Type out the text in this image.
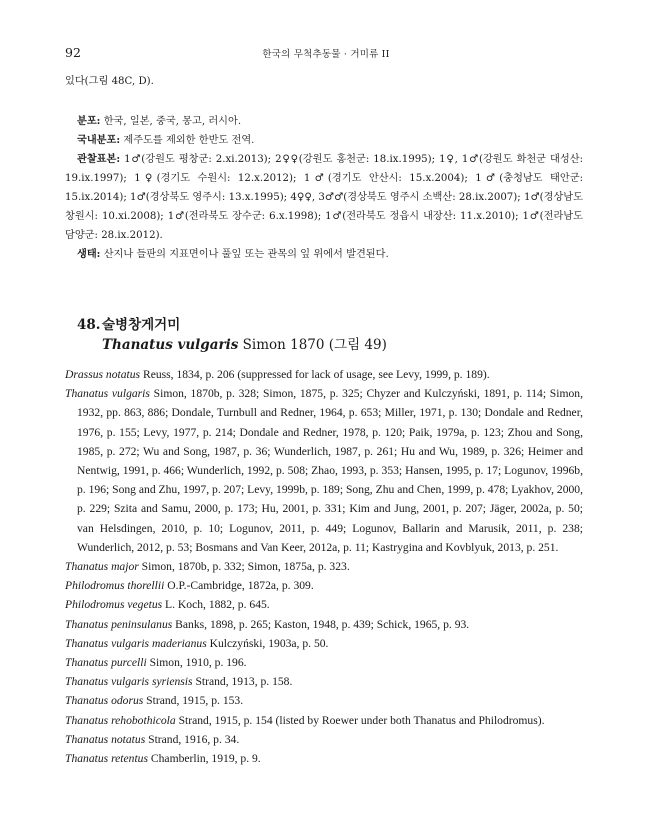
92	한국의 무척추동물 · 거미류 II

있다(그림 48C, D).

분포: 한국, 일본, 중국, 몽고, 러시아.

국내분포: 제주도를 제외한 한반도 전역.

관찰표본: 1♂(강원도 평창군: 2.xi.2013); 2♀♀(강원도 홍천군: 18.ix.1995); 1♀, 1♂(강원도 화천군 대성산: 19.ix.1997); 1♀(경기도 수원시: 12.x.2012); 1♂(경기도 안산시: 15.x.2004); 1♂(충청남도 태안군: 15.ix.2014); 1♂(경상북도 영주시: 13.x.1995); 4♀♀, 3♂♂(경상북도 영주시 소백산: 28.ix.2007); 1♂(경상남도 창원시: 10.xi.2008); 1♂(전라북도 장수군: 6.x.1998); 1♂(전라북도 정읍시 내장산: 11.x.2010); 1♂(전라남도 담양군: 28.ix.2012).

생태: 산지나 들판의 지표면이나 풀잎 또는 관목의 잎 위에서 발견된다.

48. 술병창게거미
Thanatus vulgaris Simon 1870 (그림 49)

Drassus notatus Reuss, 1834, p. 206 (suppressed for lack of usage, see Levy, 1999, p. 189).

Thanatus vulgaris Simon, 1870b, p. 328; Simon, 1875, p. 325; Chyzer and Kulczyński, 1891, p. 114; Simon, 1932, pp. 863, 886; Dondale, Turnbull and Redner, 1964, p. 653; Miller, 1971, p. 130; Dondale and Redner, 1976, p. 155; Levy, 1977, p. 214; Dondale and Redner, 1978, p. 120; Paik, 1979a, p. 123; Zhou and Song, 1985, p. 272; Wu and Song, 1987, p. 36; Wunderlich, 1987, p. 261; Hu and Wu, 1989, p. 326; Heimer and Nentwig, 1991, p. 466; Wunderlich, 1992, p. 508; Zhao, 1993, p. 353; Hansen, 1995, p. 17; Logunov, 1996b, p. 196; Song and Zhu, 1997, p. 207; Levy, 1999b, p. 189; Song, Zhu and Chen, 1999, p. 478; Lyakhov, 2000, p. 229; Szita and Samu, 2000, p. 173; Hu, 2001, p. 331; Kim and Jung, 2001, p. 207; Jäger, 2002a, p. 50; van Helsdingen, 2010, p. 10; Logunov, 2011, p. 449; Logunov, Ballarin and Marusik, 2011, p. 238; Wunderlich, 2012, p. 53; Bosmans and Van Keer, 2012a, p. 11; Kastrygina and Kovblyuk, 2013, p. 251.

Thanatus major Simon, 1870b, p. 332; Simon, 1875a, p. 323.

Philodromus thorellii O.P.-Cambridge, 1872a, p. 309.

Philodromus vegetus L. Koch, 1882, p. 645.

Thanatus peninsulanus Banks, 1898, p. 265; Kaston, 1948, p. 439; Schick, 1965, p. 93.

Thanatus vulgaris maderianus Kulczyński, 1903a, p. 50.

Thanatus purcelli Simon, 1910, p. 196.

Thanatus vulgaris syriensis Strand, 1913, p. 158.

Thanatus odorus Strand, 1915, p. 153.

Thanatus rehobothicola Strand, 1915, p. 154 (listed by Roewer under both Thanatus and Philodromus).

Thanatus notatus Strand, 1916, p. 34.

Thanatus retentus Chamberlin, 1919, p. 9.
